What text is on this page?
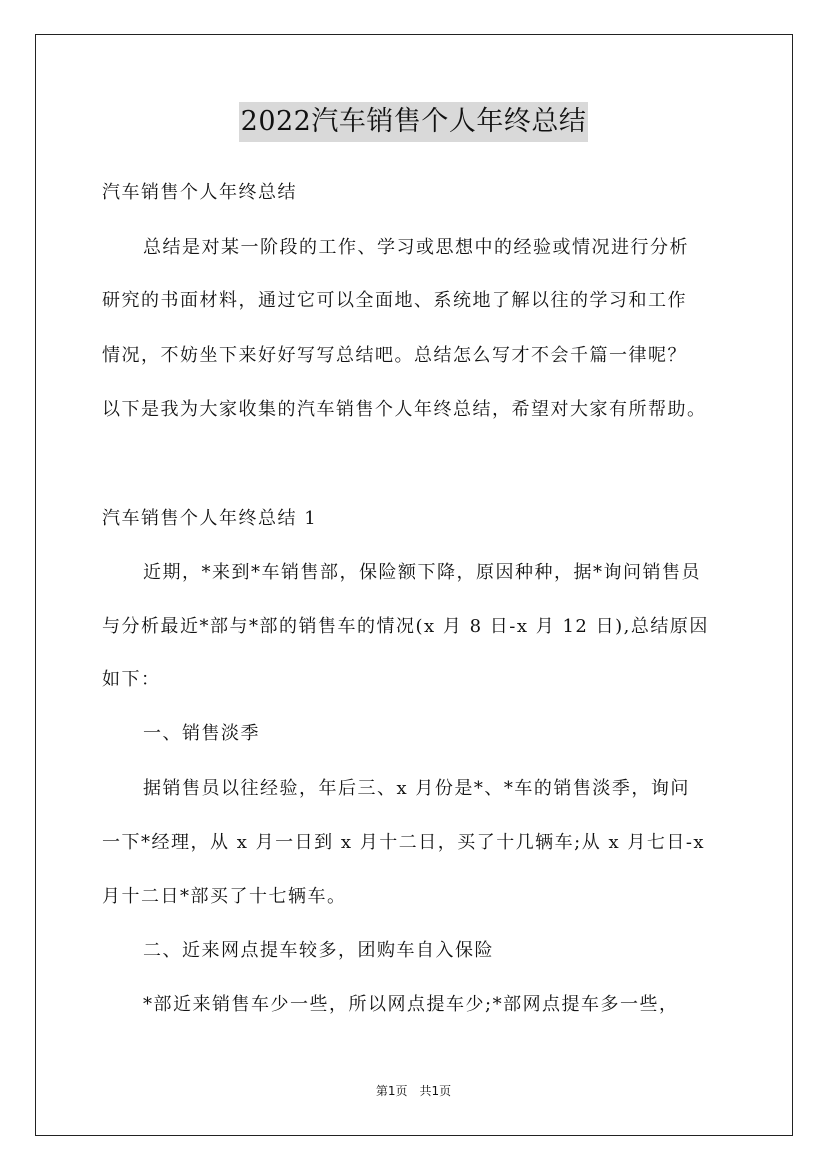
2022汽车销售个人年终总结

汽车销售个人年终总结

总结是对某一阶段的工作、学习或思想中的经验或情况进行分析

研究的书面材料，通过它可以全面地、系统地了解以往的学习和工作

情况，不妨坐下来好好写写总结吧。总结怎么写才不会千篇一律呢？

以下是我为大家收集的汽车销售个人年终总结，希望对大家有所帮助。

汽车销售个人年终总结 1

近期，*来到*车销售部，保险额下降，原因种种，据*询问销售员

与分析最近*部与*部的销售车的情况(x 月 8 日-x 月 12 日),总结原因

如下：

一、销售淡季

据销售员以往经验，年后三、x 月份是*、*车的销售淡季，询问

一下*经理，从 x 月一日到 x 月十二日，买了十几辆车;从 x 月七日-x

月十二日*部买了十七辆车。

二、近来网点提车较多，团购车自入保险

*部近来销售车少一些，所以网点提车少;*部网点提车多一些，

第1页　共1页
